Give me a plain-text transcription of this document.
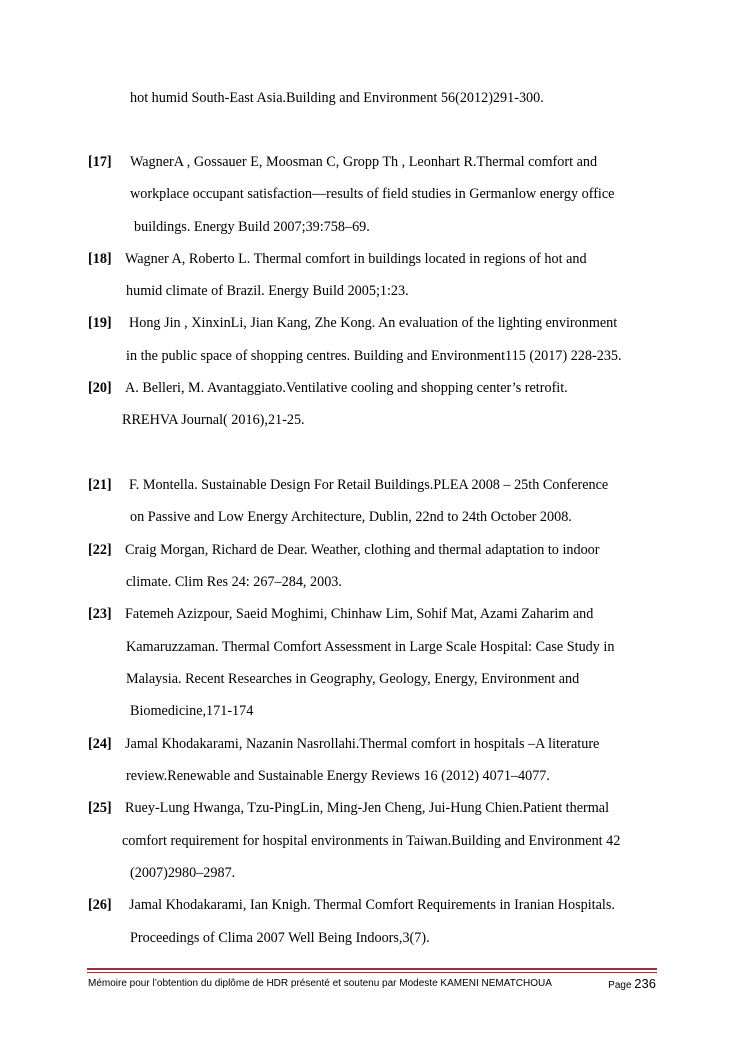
hot humid South-East Asia.Building and Environment 56(2012)291-300.
[17] WagnerA , Gossauer E, Moosman C, Gropp Th , Leonhart R.Thermal comfort and
workplace occupant satisfaction—results of field studies in Germanlow energy office
buildings. Energy Build 2007;39:758–69.
[18] Wagner A, Roberto L. Thermal comfort in buildings located in regions of hot and
humid climate of Brazil. Energy Build 2005;1:23.
[19] Hong Jin , XinxinLi, Jian Kang, Zhe Kong. An evaluation of the lighting environment
in the public space of shopping centres. Building and Environment115 (2017) 228-235.
[20] A. Belleri, M. Avantaggiato.Ventilative cooling and shopping center’s retrofit.
RREHVA Journal( 2016),21-25.
[21] F. Montella. Sustainable Design For Retail Buildings.PLEA 2008 – 25th Conference
on Passive and Low Energy Architecture, Dublin, 22nd to 24th October 2008.
[22] Craig Morgan, Richard de Dear. Weather, clothing and thermal adaptation to indoor
climate. Clim Res 24: 267–284, 2003.
[23] Fatemeh Azizpour, Saeid Moghimi, Chinhaw Lim, Sohif Mat, Azami Zaharim and
Kamaruzzaman. Thermal Comfort Assessment in Large Scale Hospital: Case Study in
Malaysia. Recent Researches in Geography, Geology, Energy, Environment and
Biomedicine,171-174
[24] Jamal Khodakarami, Nazanin Nasrollahi.Thermal comfort in hospitals –A literature
review.Renewable and Sustainable Energy Reviews 16 (2012) 4071–4077.
[25] Ruey-Lung Hwanga, Tzu-PingLin, Ming-Jen Cheng, Jui-Hung Chien.Patient thermal
comfort requirement for hospital environments in Taiwan.Building and Environment 42
(2007)2980–2987.
[26] Jamal Khodakarami, Ian Knigh. Thermal Comfort Requirements in Iranian Hospitals.
Proceedings of Clima 2007 Well Being Indoors,3(7).
Mémoire pour l’obtention du diplôme de HDR présenté et soutenu par Modeste KAMENI NEMATCHOUA	Page 236
